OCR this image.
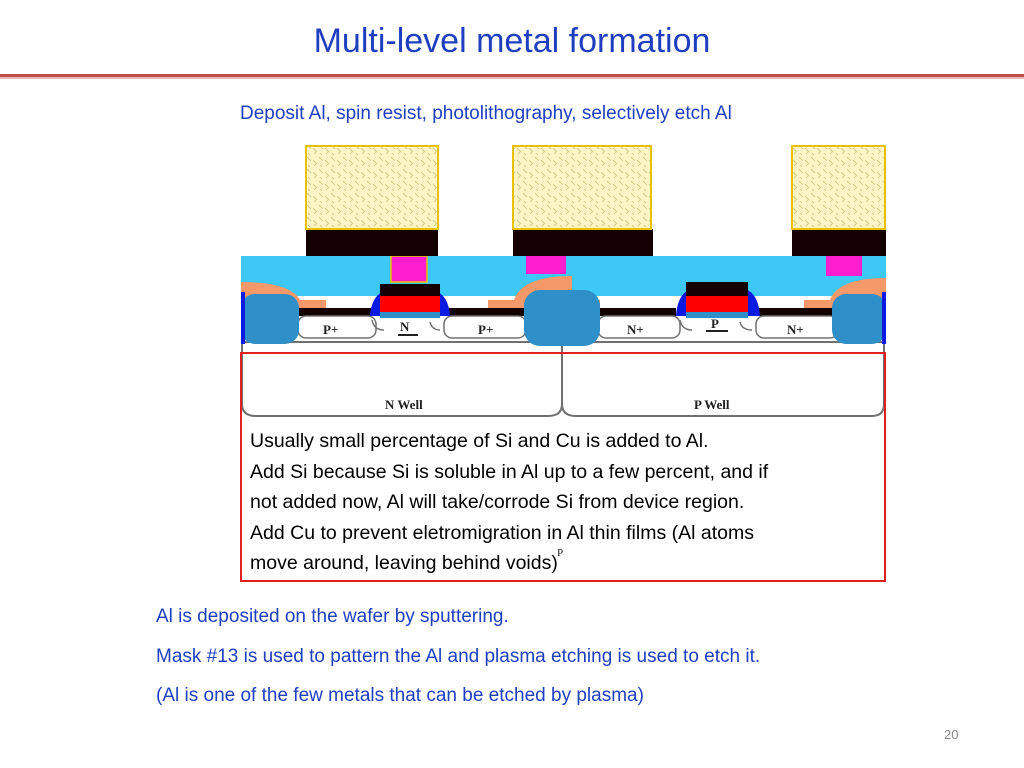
Multi-level metal formation
Deposit Al, spin resist, photolithography, selectively etch Al
P+	N	P+	N+	P	N+
N Well	P Well
P
Usually small percentage of Si and Cu is added to Al.
Add Si because Si is soluble in Al up to a few percent, and if
not added now, Al will take/corrode Si from device region.
Add Cu to prevent eletromigration in Al thin films (Al atoms
move around, leaving behind voids)
Al is deposited on the wafer by sputtering.
Mask #13 is used to pattern the Al and plasma etching is used to etch it.
(Al is one of the few metals that can be etched by plasma)
20
